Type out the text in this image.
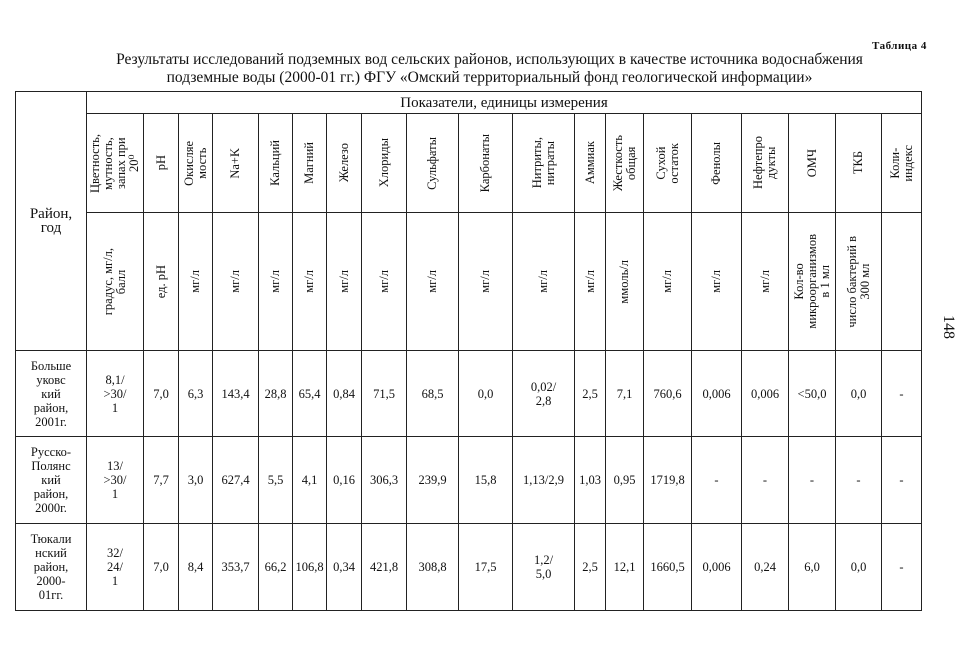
Таблица 4
Результаты исследований подземных вод сельских районов, использующих в качестве источника водоснабжения
подземные воды (2000-01 гг.) ФГУ «Омский территориальный фонд геологической информации»
148
Район,
год	Показатели, единицы измерения																		

	Цветность,
мутность,
запах при
20⁰	pH	Окисляе
мость	Na+K	Кальций	Магний	Железо	Хлориды	Сульфаты	Карбонаты	Нитриты,
нитраты	Аммиак	Жесткость
общая	Сухой
остаток	Фенолы	Нефтепро
дукты	ОМЧ	ТКБ	Коли-
индекс

	градус, мг/л,
балл	ед. pH	мг/л	мг/л	мг/л	мг/л	мг/л	мг/л	мг/л	мг/л	мг/л	мг/л	ммоль/л	мг/л	мг/л	мг/л	Кол-во
микроорганизмов
в 1 мл	число бактерий в
300 мл	

Больше
уковс
кий
район,
2001г.	8,1/
>30/
1	7,0	6,3	143,4	28,8	65,4	0,84	71,5	68,5	0,0	0,02/
2,8	2,5	7,1	760,6	0,006	0,006	<50,0	0,0	-
Русско-
Полянс
кий
район,
2000г.	13/
>30/
1	7,7	3,0	627,4	5,5	4,1	0,16	306,3	239,9	15,8	1,13/2,9	1,03	0,95	1719,8	-	-	-	-	-
Тюкали
нский
район,
2000-
01гг.	32/
24/
1	7,0	8,4	353,7	66,2	106,8	0,34	421,8	308,8	17,5	1,2/
5,0	2,5	12,1	1660,5	0,006	0,24	6,0	0,0	-
